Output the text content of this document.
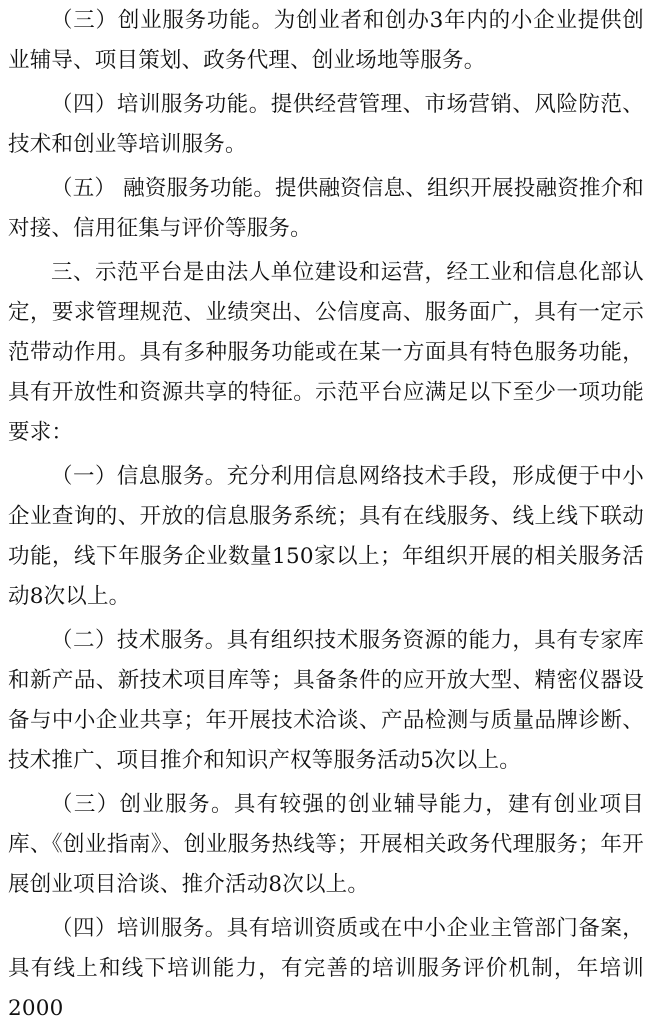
（三）创业服务功能。为创业者和创办3年内的小企业提供创业辅导、项目策划、政务代理、创业场地等服务。

（四）培训服务功能。提供经营管理、市场营销、风险防范、技术和创业等培训服务。

（五） 融资服务功能。提供融资信息、组织开展投融资推介和对接、信用征集与评价等服务。

三、示范平台是由法人单位建设和运营，经工业和信息化部认定，要求管理规范、业绩突出、公信度高、服务面广，具有一定示范带动作用。具有多种服务功能或在某一方面具有特色服务功能，具有开放性和资源共享的特征。示范平台应满足以下至少一项功能要求：

（一）信息服务。充分利用信息网络技术手段，形成便于中小企业查询的、开放的信息服务系统；具有在线服务、线上线下联动功能，线下年服务企业数量150家以上；年组织开展的相关服务活动8次以上。

（二）技术服务。具有组织技术服务资源的能力，具有专家库和新产品、新技术项目库等；具备条件的应开放大型、精密仪器设备与中小企业共享；年开展技术洽谈、产品检测与质量品牌诊断、技术推广、项目推介和知识产权等服务活动5次以上。

（三）创业服务。具有较强的创业辅导能力，建有创业项目库、《创业指南》、创业服务热线等；开展相关政务代理服务；年开展创业项目洽谈、推介活动8次以上。

（四）培训服务。具有培训资质或在中小企业主管部门备案，具有线上和线下培训能力，有完善的培训服务评价机制，年培训2000
